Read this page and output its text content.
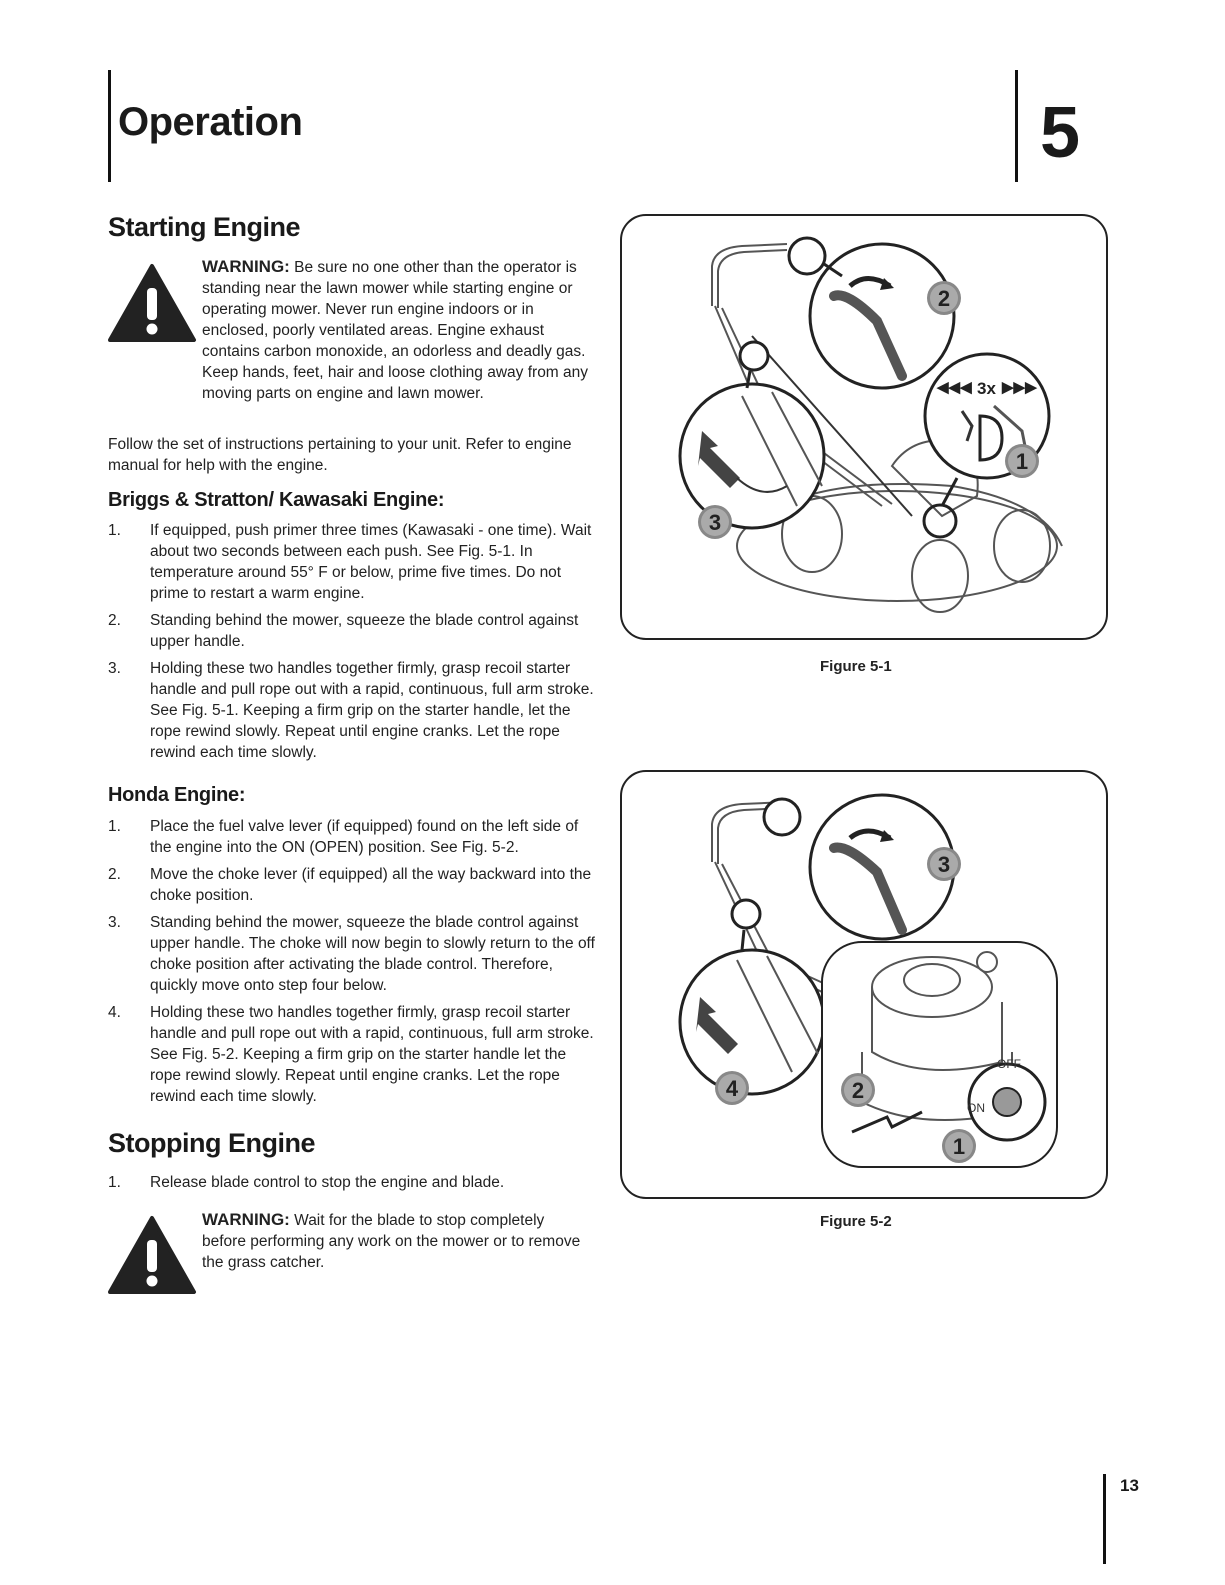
Operation	5
Starting Engine
WARNING: Be sure no one other than the operator is standing near the lawn mower while starting engine or operating mower. Never run engine indoors or in enclosed, poorly ventilated areas. Engine exhaust contains carbon monoxide, an odorless and deadly gas. Keep hands, feet, hair and loose clothing away from any moving parts on engine and lawn mower.
Follow the set of instructions pertaining to your unit. Refer to engine manual for help with the engine.
Briggs & Stratton/ Kawasaki Engine:
1. If equipped, push primer three times (Kawasaki - one time). Wait about two seconds between each push. See Fig. 5-1. In temperature around 55° F or below, prime five times. Do not prime to restart a warm engine.
2. Standing behind the mower, squeeze the blade control against upper handle.
3. Holding these two handles together firmly, grasp recoil starter handle and pull rope out with a rapid, continuous, full arm stroke. See Fig. 5-1. Keeping a firm grip on the starter handle, let the rope rewind slowly. Repeat until engine cranks. Let the rope rewind each time slowly.
Honda Engine:
1. Place the fuel valve lever (if equipped) found on the left side of the engine into the ON (OPEN) position. See Fig. 5-2.
2. Move the choke lever (if equipped) all the way backward into the choke position.
3. Standing behind the mower, squeeze the blade control against upper handle. The choke will now begin to slowly return to the off choke position after activating the blade control. Therefore, quickly move onto step four below.
4. Holding these two handles together firmly, grasp recoil starter handle and pull rope out with a rapid, continuous, full arm stroke. See Fig. 5-2. Keeping a firm grip on the starter handle let the rope rewind slowly. Repeat until engine cranks. Let the rope rewind each time slowly.
Stopping Engine
1. Release blade control to stop the engine and blade.
WARNING: Wait for the blade to stop completely before performing any work on the mower or to remove the grass catcher.
◀◀◀ 3x ▶▶▶
2
1
3
Figure 5-1
OFF
ON
3
4	2
1
Figure 5-2
13
